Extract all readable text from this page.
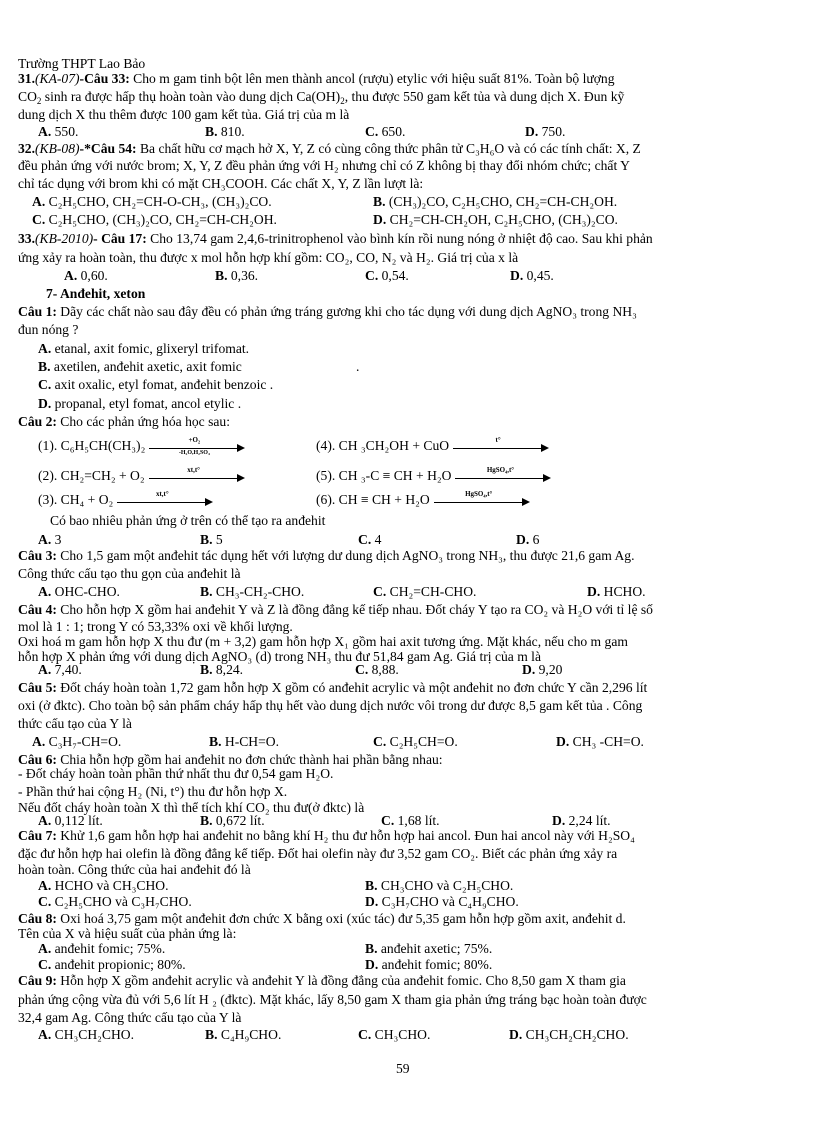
Trường THPT Lao Bảo
31.(KA-07)-Câu 33: Cho m gam tinh bột lên men thành ancol (rượu) etylic với hiệu suất 81%. Toàn bộ lượng
$CO_2$ sinh ra được hấp thụ hoàn toàn vào dung dịch $Ca(OH)_2$, thu được 550 gam kết tủa và dung dịch X. Đun kỹ
dung dịch X thu thêm được 100 gam kết tủa. Giá trị của m là
A. 550.	B. 810.	C. 650.	D. 750.
32.(KB-08)-*Câu 54: Ba chất hữu cơ mạch hở X, Y, Z có cùng công thức phân tử C₃H₆O và có các tính chất: X, Z
đều phản ứng với nước brom; X, Y, Z đều phản ứng với H₂ nhưng chỉ có Z không bị thay đổi nhóm chức; chất Y
chỉ tác dụng với brom khi có mặt CH₃COOH. Các chất X, Y, Z lần lượt là:
A. C₂H₅CHO, CH₂=CH-O-CH₃, (CH₃)₂CO.	B. (CH₃)₂CO, C₂H₅CHO, CH₂=CH-CH₂OH.
C. C₂H₅CHO, (CH₃)₂CO, CH₂=CH-CH₂OH.	D. CH₂=CH-CH₂OH, C₂H₅CHO, (CH₃)₂CO.
33.(KB-2010)- Câu 17: Cho 13,74 gam 2,4,6-trinitrophenol vào bình kín rồi nung nóng ở nhiệt độ cao. Sau khi phản
ứng xảy ra hoàn toàn, thu được x mol hỗn hợp khí gồm: CO₂, CO, N₂ và H₂. Giá trị của x là
A. 0,60.	B. 0,36.	C. 0,54.	D. 0,45.
7- Anđehit, xeton
Câu 1: Dãy các chất nào sau đây đều có phản ứng tráng gương khi cho tác dụng với dung dịch AgNO₃ trong NH₃
đun nóng ?
A. etanal, axit fomic, glixeryl trifomat.
B. axetilen, anđehit axetic, axit fomic	.
C. axit oxalic, etyl fomat, anđehit benzoic .
D. propanal, etyl fomat, ancol etylic .
Câu 2: Cho các phản ứng hóa học sau:
(1). $C_6H_5CH(CH_3)_2 \frac{\text{+O₂}}{\text{-H₂O,H₂SO₄}}$	(4). CH ₃CH₂OH + CuO	t°
(2). CH₂=CH₂ + O₂	xt,t°	(5). CH ₃-C ≡ CH + H₂O	HgSO₄,t°
(3). CH₄ + O₂	xt,t°	(6). CH ≡ CH + H₂O	HgSO₄,t°
Có bao nhiêu phản ứng ở trên có thể tạo ra anđehit
A. 3	B. 5	C. 4	D. 6
Câu 3: Cho 1,5 gam một anđehit tác dụng hết với lượng dư dung dịch AgNO₃ trong NH₃, thu được 21,6 gam Ag.
Công thức cấu tạo thu gọn của anđehit là
A. OHC-CHO.	B. CH₃-CH₂-CHO.	C. CH₂=CH-CHO.	D. HCHO.
Câu 4: Cho hỗn hợp X gồm hai anđehit Y và Z là đồng đẳng kế tiếp nhau. Đốt cháy Y tạo ra CO₂ và H₂O với tỉ lệ số
mol là 1 : 1; trong Y có 53,33% oxi về khối lượng.
Oxi hoá m gam hỗn hợp X thu đư (m + 3,2) gam hỗn hợp X₁ gồm hai axit tương ứng. Mặt khác, nếu cho m gam
hỗn hợp X phản ứng với dung dịch AgNO₃ (d) trong NH₃ thu đư 51,84 gam Ag. Giá trị của m là
A. 7,40.	B. 8,24.	C. 8,88.	D. 9,20
Câu 5: Đốt cháy hoàn toàn 1,72 gam hỗn hợp X gồm có anđehit acrylic và một anđehit no đơn chức Y cần 2,296 lít
oxi (ở đktc). Cho toàn bộ sản phẩm cháy hấp thụ hết vào dung dịch nước vôi trong dư được 8,5 gam kết tủa . Công
thức cấu tạo của Y là
A. C₃H₇-CH=O.	B. H-CH=O.	C. C₂H₅CH=O.	D. CH₃ -CH=O.
Câu 6: Chia hỗn hợp gồm hai anđehit no đơn chức thành hai phần bằng nhau:
- Đốt cháy hoàn toàn phần thứ nhất thu đư 0,54 gam H₂O.
- Phần thứ hai cộng H₂ (Ni, t°) thu đư hỗn hợp X.
Nếu đốt cháy hoàn toàn X thì thể tích khí CO₂ thu đư(ở đktc) là
A. 0,112 lít.	B. 0,672 lít.	C. 1,68 lít.	D. 2,24 lít.
Câu 7: Khử 1,6 gam hỗn hợp hai anđehit no bằng khí H₂ thu đư hỗn hợp hai ancol. Đun hai ancol này với H₂SO₄
đặc đư hỗn hợp hai olefin là đồng đẳng kế tiếp. Đốt hai olefin này đư 3,52 gam CO₂. Biết các phản ứng xảy ra
hoàn toàn. Công thức của hai anđehit đó là
A. HCHO và CH₃CHO.	B. CH₃CHO và C₂H₅CHO.
C. C₂H₅CHO và C₃H₇CHO.	D. C₃H₇CHO và C₄H₉CHO.
Câu 8: Oxi hoá 3,75 gam một anđehit đơn chức X bằng oxi (xúc tác) đư 5,35 gam hỗn hợp gồm axit, anđehit d.
Tên của X và hiệu suất của phản ứng là:
A. anđehit fomic; 75%.	B. anđehit axetic; 75%.
C. anđehit propionic; 80%.	D. anđehit fomic; 80%.
Câu 9: Hỗn hợp X gồm anđehit acrylic và anđehit Y là đồng đẳng của anđehit fomic. Cho 8,50 gam X tham gia
phản ứng cộng vừa đủ với 5,6 lít H ₂ (đktc). Mặt khác, lấy 8,50 gam X tham gia phản ứng tráng bạc hoàn toàn được
32,4 gam Ag. Công thức cấu tạo của Y là
A. CH₃CH₂CHO.	B. C₄H₉CHO.	C. CH₃CHO.	D. CH₃CH₂CH₂CHO.
59
